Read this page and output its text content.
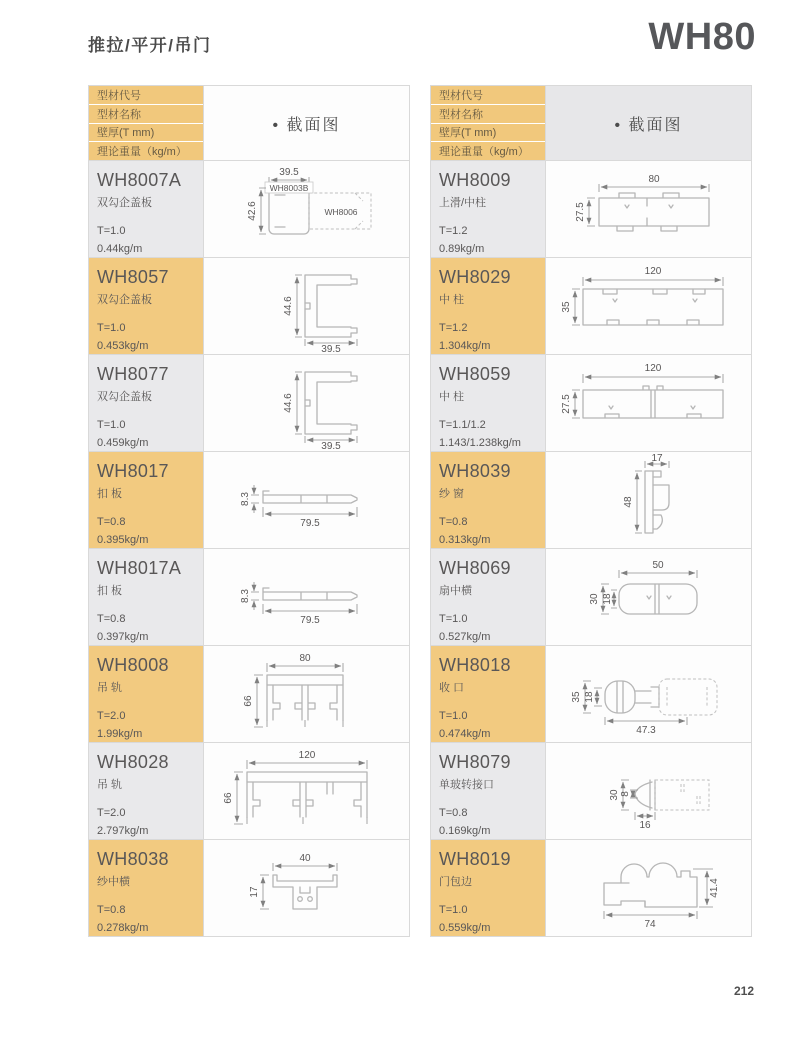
推拉/平开/吊门	WH80
型材代号
型材名称
壁厚(T mm)
理论重量（kg/m）
• 截面图
WH8007A
双勾企盖板
T=1.0
0.44kg/m
39.5
WH8003B
WH8006
42.6
WH8057
双勾企盖板
T=1.0
0.453kg/m
44.6
39.5
WH8077
双勾企盖板
T=1.0
0.459kg/m
44.6
39.5
WH8017
扣 板
T=0.8
0.395kg/m
8.3
79.5
WH8017A
扣 板
T=0.8
0.397kg/m
8.3
79.5
WH8008
吊 轨
T=2.0
1.99kg/m
80
66
WH8028
吊 轨
T=2.0
2.797kg/m
120
66
WH8038
纱中横
T=0.8
0.278kg/m
40
17
型材代号
型材名称
壁厚(T mm)
理论重量（kg/m）
• 截面图
WH8009
上滑/中柱
T=1.2
0.89kg/m
80
27.5
WH8029
中 柱
T=1.2
1.304kg/m
120
35
WH8059
中 柱
T=1.1/1.2
1.143/1.238kg/m
120
27.5
WH8039
纱 窗
T=0.8
0.313kg/m
17
48
WH8069
扇中横
T=1.0
0.527kg/m
50
30 18
WH8018
收 口
T=1.0
0.474kg/m
35 18
47.3
WH8079
单玻转接口
T=0.8
0.169kg/m
30 8
16
WH8019
门包边
T=1.0
0.559kg/m
41.4
74
212
